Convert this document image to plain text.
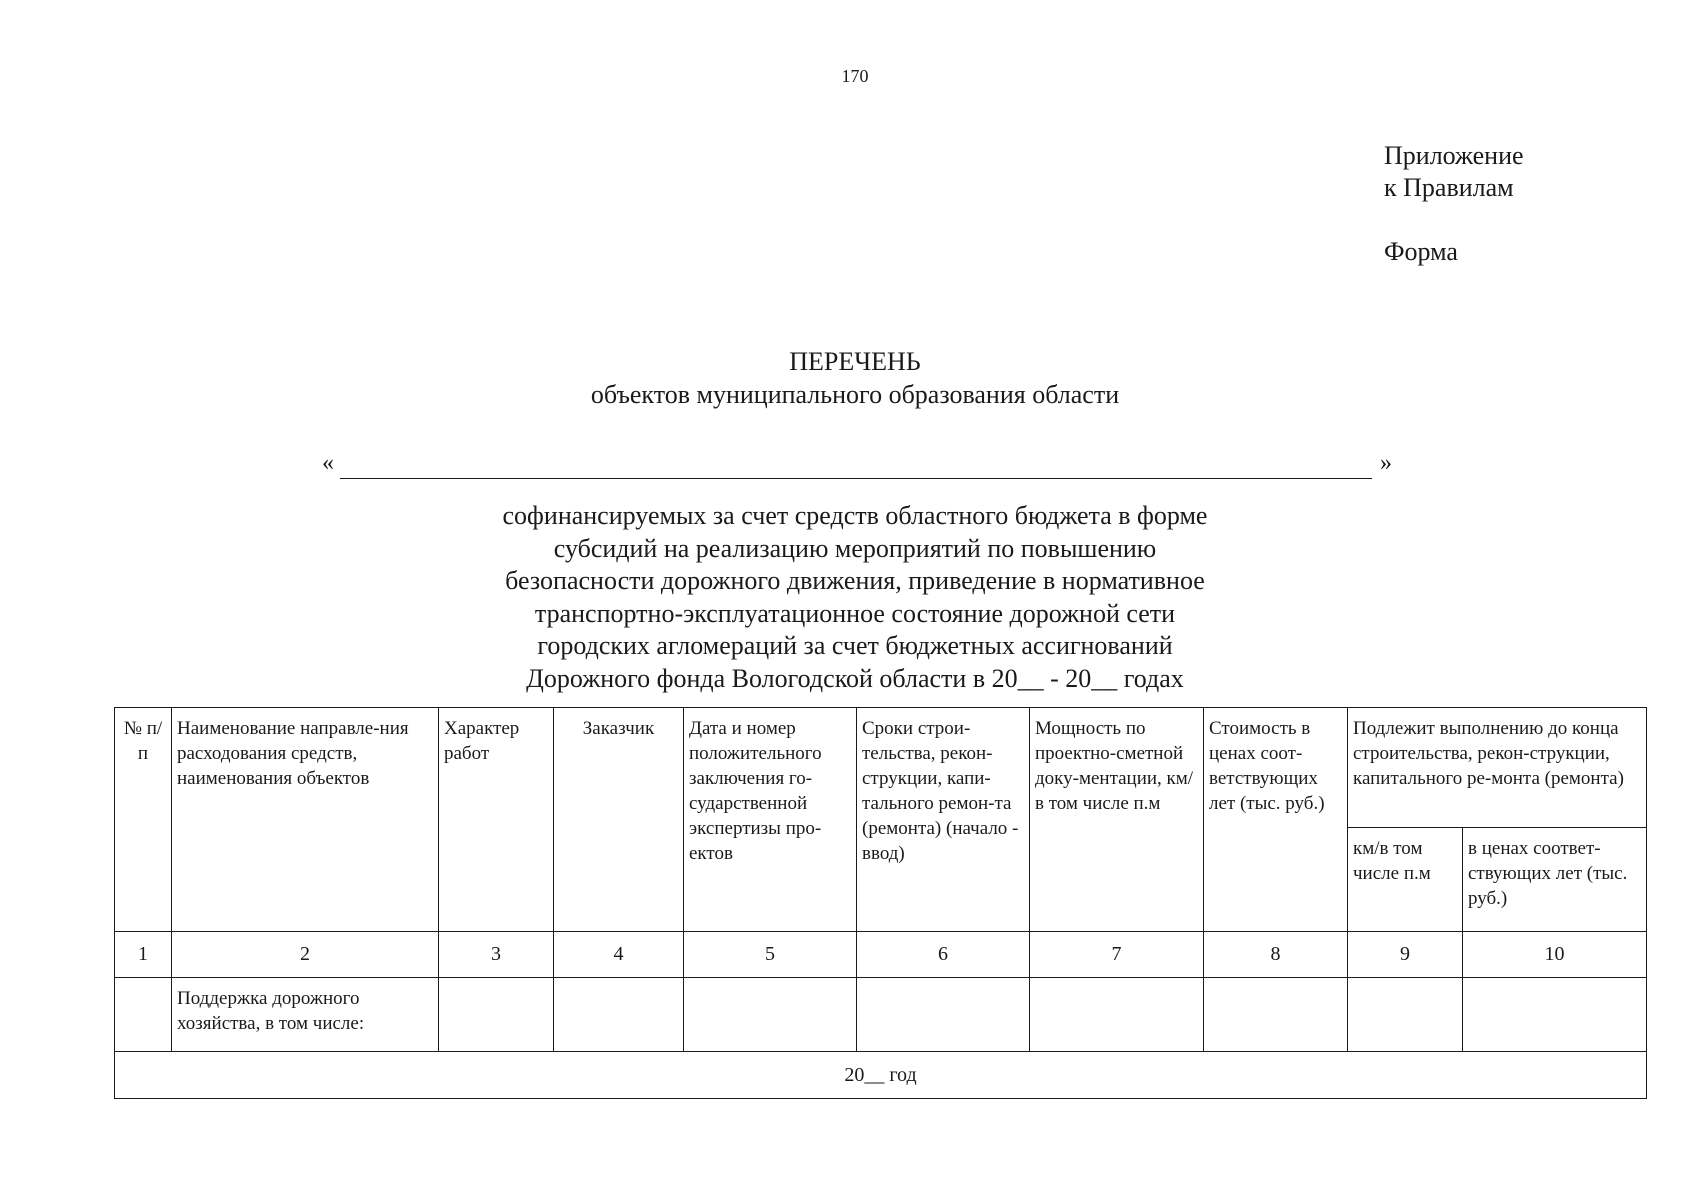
170
Приложение
к Правилам
Форма
ПЕРЕЧЕНЬ
объектов муниципального образования области
«	»
софинансируемых за счет средств областного бюджета в форме
субсидий на реализацию мероприятий по повышению
безопасности дорожного движения, приведение в нормативное
транспортно-эксплуатационное состояние дорожной сети
городских агломераций за счет бюджетных ассигнований
Дорожного фонда Вологодской области в 20__ - 20__ годах
№ п/п	Наименование направле-ния расходования средств, наименования объектов	Характер работ	Заказчик	Дата и номер положительного заключения го-сударственной экспертизы про-ектов	Сроки строи-тельства, рекон-струкции, капи-тального ремон-та (ремонта) (начало - ввод)	Мощность по проектно-сметной доку-ментации, км/в том числе п.м	Стоимость в ценах соот-ветствующих лет (тыс. руб.)	Подлежит выполнению до конца строительства, рекон-струкции, капитального ре-монта (ремонта)	
								км/в том числе п.м	в ценах соответ-ствующих лет (тыс. руб.)
1	2	3	4	5	6	7	8	9	10
	Поддержка дорожного хозяйства, в том числе:								
20__ год									
